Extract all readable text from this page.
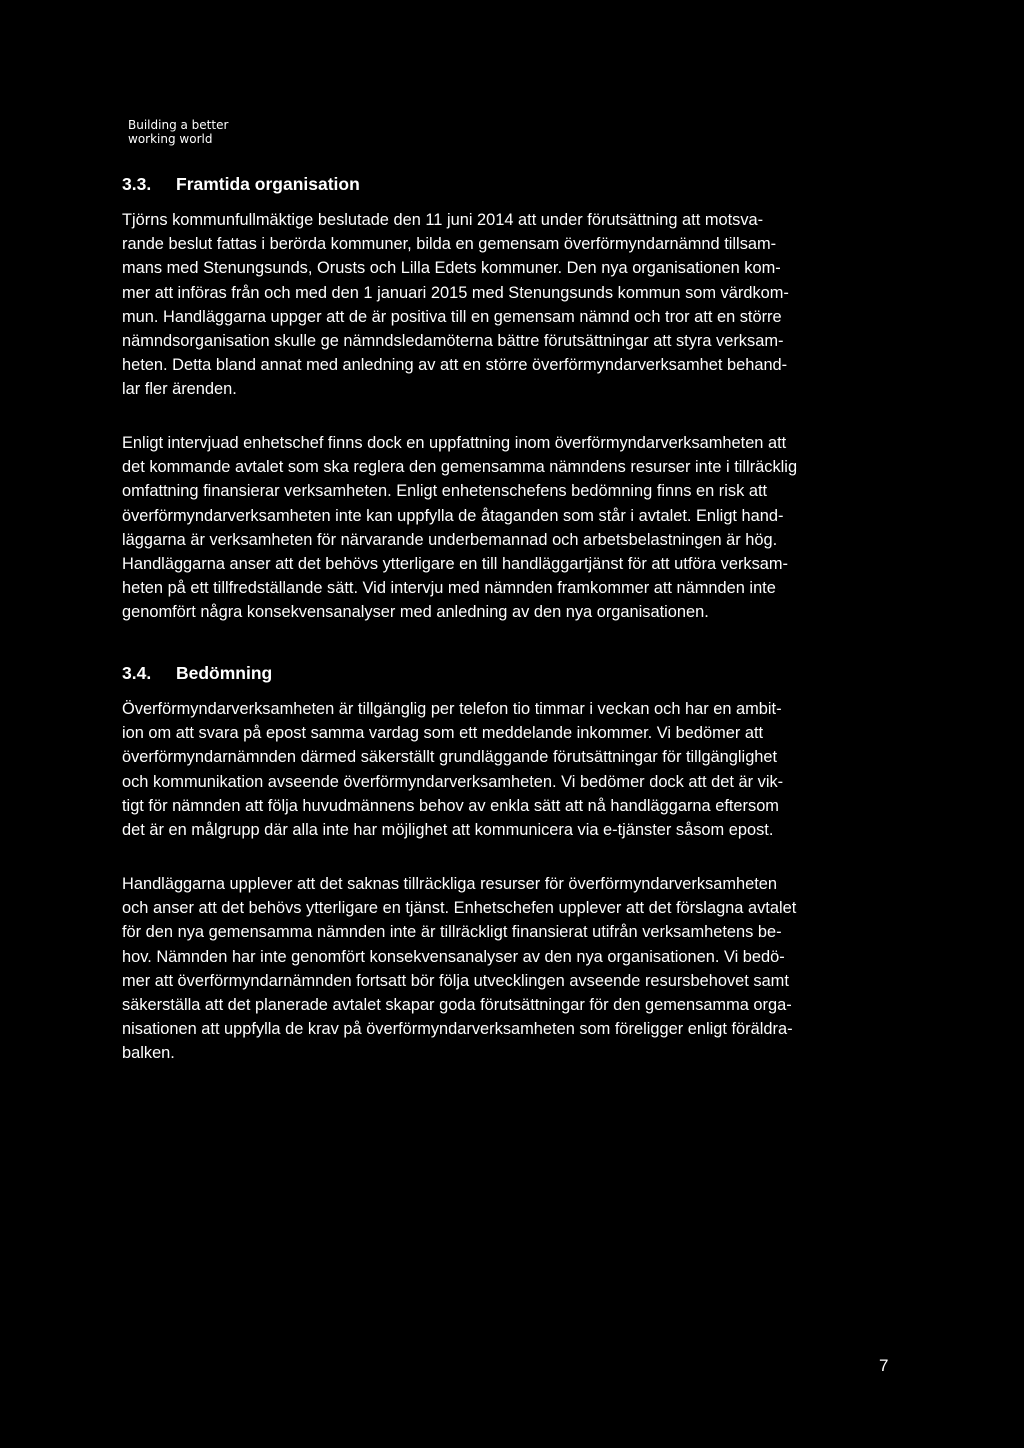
Building a better
working world
3.3. Framtida organisation

Tjörns kommunfullmäktige beslutade den 11 juni 2014 att under förutsättning att motsva-
rande beslut fattas i berörda kommuner, bilda en gemensam överförmyndarnämnd tillsam-
mans med Stenungsunds, Orusts och Lilla Edets kommuner. Den nya organisationen kom-
mer att införas från och med den 1 januari 2015 med Stenungsunds kommun som värdkom-
mun. Handläggarna uppger att de är positiva till en gemensam nämnd och tror att en större
nämndsorganisation skulle ge nämndsledamöterna bättre förutsättningar att styra verksam-
heten. Detta bland annat med anledning av att en större överförmyndarverksamhet behand-
lar fler ärenden.

Enligt intervjuad enhetschef finns dock en uppfattning inom överförmyndarverksamheten att
det kommande avtalet som ska reglera den gemensamma nämndens resurser inte i tillräcklig
omfattning finansierar verksamheten. Enligt enhetenschefens bedömning finns en risk att
överförmyndarverksamheten inte kan uppfylla de åtaganden som står i avtalet. Enligt hand-
läggarna är verksamheten för närvarande underbemannad och arbetsbelastningen är hög.
Handläggarna anser att det behövs ytterligare en till handläggartjänst för att utföra verksam-
heten på ett tillfredställande sätt. Vid intervju med nämnden framkommer att nämnden inte
genomfört några konsekvensanalyser med anledning av den nya organisationen.

3.4. Bedömning

Överförmyndarverksamheten är tillgänglig per telefon tio timmar i veckan och har en ambit-
ion om att svara på epost samma vardag som ett meddelande inkommer. Vi bedömer att
överförmyndarnämnden därmed säkerställt grundläggande förutsättningar för tillgänglighet
och kommunikation avseende överförmyndarverksamheten. Vi bedömer dock att det är vik-
tigt för nämnden att följa huvudmännens behov av enkla sätt att nå handläggarna eftersom
det är en målgrupp där alla inte har möjlighet att kommunicera via e-tjänster såsom epost.

Handläggarna upplever att det saknas tillräckliga resurser för överförmyndarverksamheten
och anser att det behövs ytterligare en tjänst. Enhetschefen upplever att det förslagna avtalet
för den nya gemensamma nämnden inte är tillräckligt finansierat utifrån verksamhetens be-
hov. Nämnden har inte genomfört konsekvensanalyser av den nya organisationen. Vi bedö-
mer att överförmyndarnämnden fortsatt bör följa utvecklingen avseende resursbehovet samt
säkerställa att det planerade avtalet skapar goda förutsättningar för den gemensamma orga-
nisationen att uppfylla de krav på överförmyndarverksamheten som föreligger enligt föräldra-
balken.

7
